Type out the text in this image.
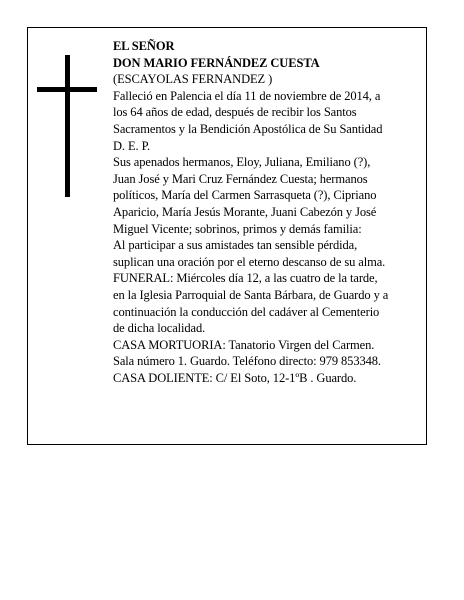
EL SEÑOR
DON MARIO FERNÁNDEZ CUESTA
(ESCAYOLAS FERNANDEZ )
Falleció en Palencia el día 11 de noviembre de 2014, a
los 64 años de edad, después de recibir los Santos
Sacramentos y la Bendición Apostólica de Su Santidad
D. E. P.
Sus apenados hermanos, Eloy, Juliana, Emiliano (?),
Juan José y Mari Cruz Fernández Cuesta; hermanos
políticos, María del Carmen Sarrasqueta (?), Cipriano
Aparicio, María Jesús Morante, Juani Cabezón y José
Miguel Vicente; sobrinos, primos y demás familia:
Al participar a sus amistades tan sensible pérdida,
suplican una oración por el eterno descanso de su alma.
FUNERAL: Miércoles día 12, a las cuatro de la tarde,
en la Iglesia Parroquial de Santa Bárbara, de Guardo y a
continuación la conducción del cadáver al Cementerio
de dicha localidad.
CASA MORTUORIA: Tanatorio Virgen del Carmen.
Sala número 1. Guardo. Teléfono directo: 979 853348.
CASA DOLIENTE: C/ El Soto, 12-1ºB . Guardo.
